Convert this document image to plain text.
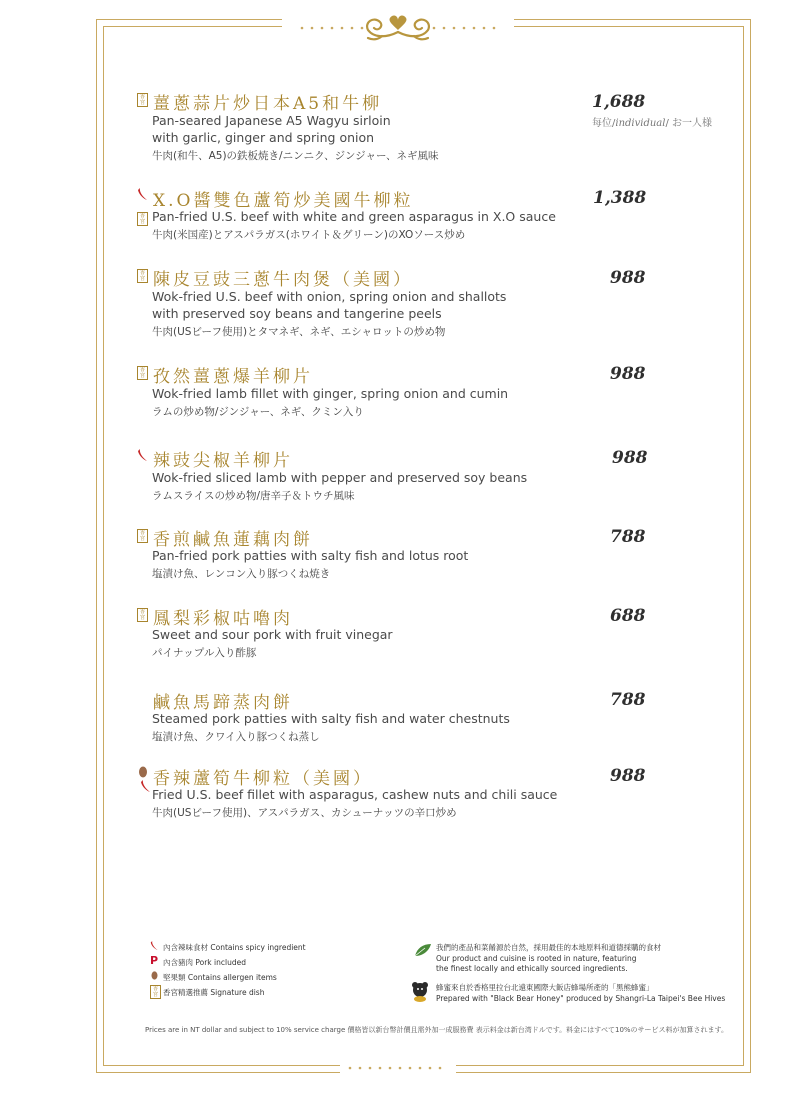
香宮 薑蔥蒜片炒日本A5和牛柳
Pan-seared Japanese A5 Wagyu sirloin
with garlic, ginger and spring onion
牛肉(和牛、A5)の鉄板焼き/ニンニク、ジンジャー、ネギ風味
1,688
每位/individual/ お一人様
香宮
X.O醬雙色蘆筍炒美國牛柳粒
Pan-fried U.S. beef with white and green asparagus in X.O sauce
牛肉(米国産)とアスパラガス(ホワイト＆グリーン)のXOソース炒め
1,388
香宮 陳皮豆豉三蔥牛肉煲（美國）
Wok-fried U.S. beef with onion, spring onion and shallots
with preserved soy beans and tangerine peels
牛肉(USビーフ使用)とタマネギ、ネギ、エシャロットの炒め物
988
香宮 孜然薑蔥爆羊柳片
Wok-fried lamb fillet with ginger, spring onion and cumin
ラムの炒め物/ジンジャー、ネギ、クミン入り
988
辣豉尖椒羊柳片
Wok-fried sliced lamb with pepper and preserved soy beans
ラムスライスの炒め物/唐辛子＆トウチ風味
988
香宮 香煎鹹魚蓮藕肉餅
Pan-fried pork patties with salty fish and lotus root
塩漬け魚、レンコン入り豚つくね焼き
788
香宮 鳳梨彩椒咕嚕肉
Sweet and sour pork with fruit vinegar
パイナップル入り酢豚
688
鹹魚馬蹄蒸肉餅
Steamed pork patties with salty fish and water chestnuts
塩漬け魚、クワイ入り豚つくね蒸し
788
香辣蘆筍牛柳粒（美國）
Fried U.S. beef fillet with asparagus, cashew nuts and chili sauce
牛肉(USビーフ使用)、アスパラガス、カシューナッツの辛口炒め
988
內含辣味食材 Contains spicy ingredient
P 內含豬肉 Pork included
堅果類 Contains allergen items
香宮 香宮精選推薦 Signature dish
我們的產品和菜餚源於自然，採用最佳的本地原料和道德採購的食材
Our product and cuisine is rooted in nature, featuring
the finest locally and ethically sourced ingredients.
蜂蜜來自於香格里拉台北遠東國際大飯店蜂場所產的「黑熊蜂蜜」
Prepared with "Black Bear Honey" produced by Shangri-La Taipei's Bee Hives
Prices are in NT dollar and subject to 10% service charge 價格皆以新台幣計價且需外加一成服務費 表示料金は新台湾ドルです。料金にはすべて10%のサービス料が加算されます。
